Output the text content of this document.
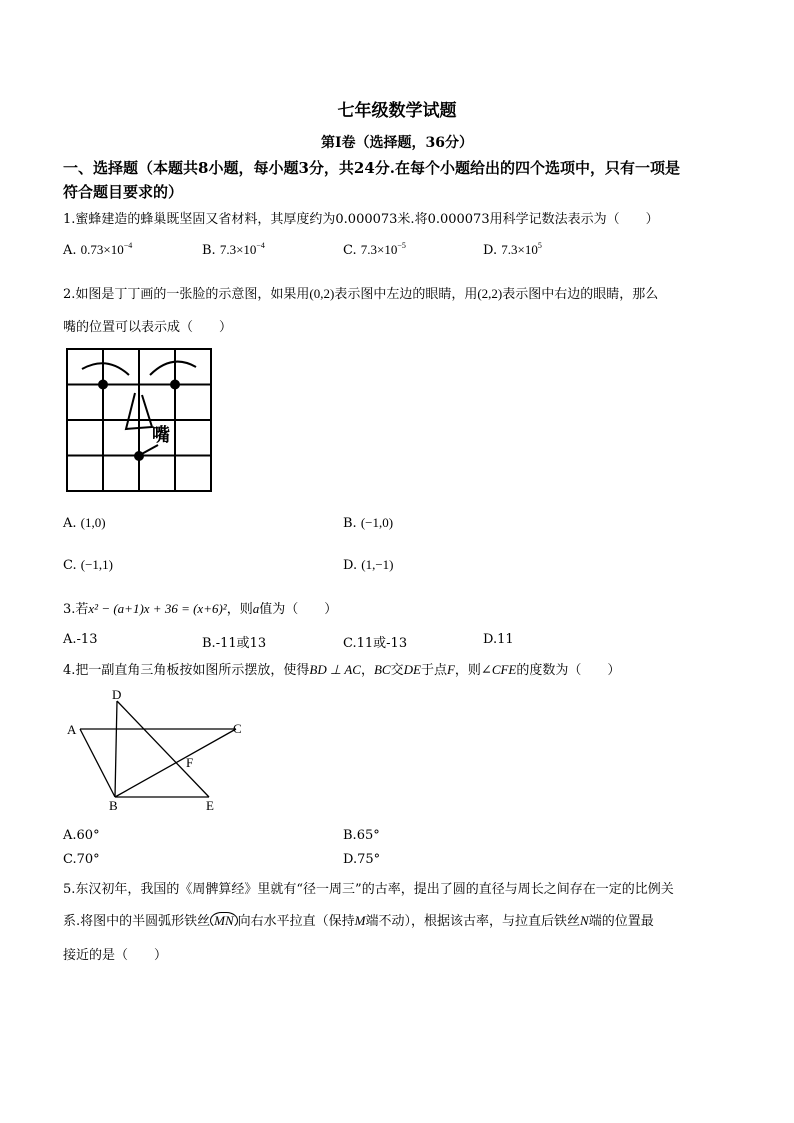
七年级数学试题
第Ⅰ卷（选择题，36分）
一、选择题（本题共8小题，每小题3分，共24分.在每个小题给出的四个选项中，只有一项是
符合题目要求的）
1.蜜蜂建造的蜂巢既坚固又省材料，其厚度约为0.000073米.将0.000073用科学记数法表示为（　　）
A. $0.73\times 10^{-4}$	B. $7.3\times 10^{-4}$	C. $7.3\times 10^{-5}$	D. $7.3\times 10^5$
2.如图是丁丁画的一张脸的示意图，如果用(0,2)表示图中左边的眼睛，用(2,2)表示图中右边的眼睛，那么
嘴的位置可以表示成（　　）
嘴
A. (1,0)	B. (−1,0)
C. (−1,1)	D. (1,−1)
3.若x² − (a+1)x + 36 = (x+6)²，则a值为（　　）
A.-13	B.-11或13	C.11或-13	D.11
4.把一副直角三角板按如图所示摆放，使得BD ⊥ AC，BC交DE于点F，则∠CFE的度数为（　　）
D
A	C
F
B	E
A.60°	B.65°
C.70°	D.75°
5.东汉初年，我国的《周髀算经》里就有“径一周三”的古率，提出了圆的直径与周长之间存在一定的比例关
系.将图中的半圆弧形铁丝 MN 向右水平拉直（保持M端不动），根据该古率，与拉直后铁丝N端的位置最
接近的是（　　）
